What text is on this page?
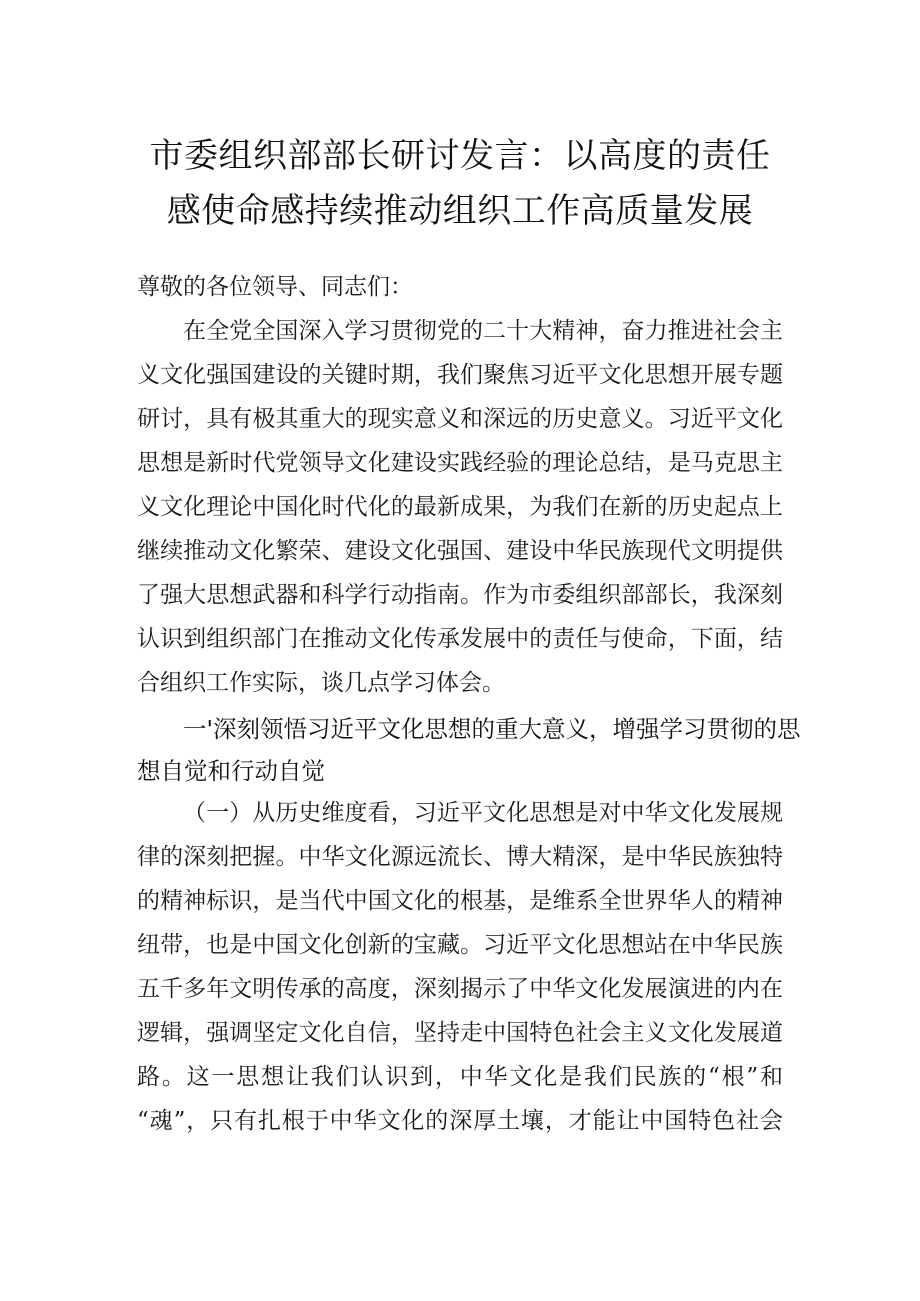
市委组织部部长研讨发言：以高度的责任
感使命感持续推动组织工作高质量发展

尊敬的各位领导、同志们：

在全党全国深入学习贯彻党的二十大精神，奋力推进社会主

义文化强国建设的关键时期，我们聚焦习近平文化思想开展专题

研讨，具有极其重大的现实意义和深远的历史意义。习近平文化

思想是新时代党领导文化建设实践经验的理论总结，是马克思主

义文化理论中国化时代化的最新成果，为我们在新的历史起点上

继续推动文化繁荣、建设文化强国、建设中华民族现代文明提供

了强大思想武器和科学行动指南。作为市委组织部部长，我深刻

认识到组织部门在推动文化传承发展中的责任与使命，下面，结

合组织工作实际，谈几点学习体会。

一'深刻领悟习近平文化思想的重大意义，增强学习贯彻的思

想自觉和行动自觉

（一）从历史维度看，习近平文化思想是对中华文化发展规

律的深刻把握。中华文化源远流长、博大精深，是中华民族独特

的精神标识，是当代中国文化的根基，是维系全世界华人的精神

纽带，也是中国文化创新的宝藏。习近平文化思想站在中华民族

五千多年文明传承的高度，深刻揭示了中华文化发展演进的内在

逻辑，强调坚定文化自信，坚持走中国特色社会主义文化发展道

路。这一思想让我们认识到，中华文化是我们民族的“根”和

“魂”，只有扎根于中华文化的深厚土壤，才能让中国特色社会
